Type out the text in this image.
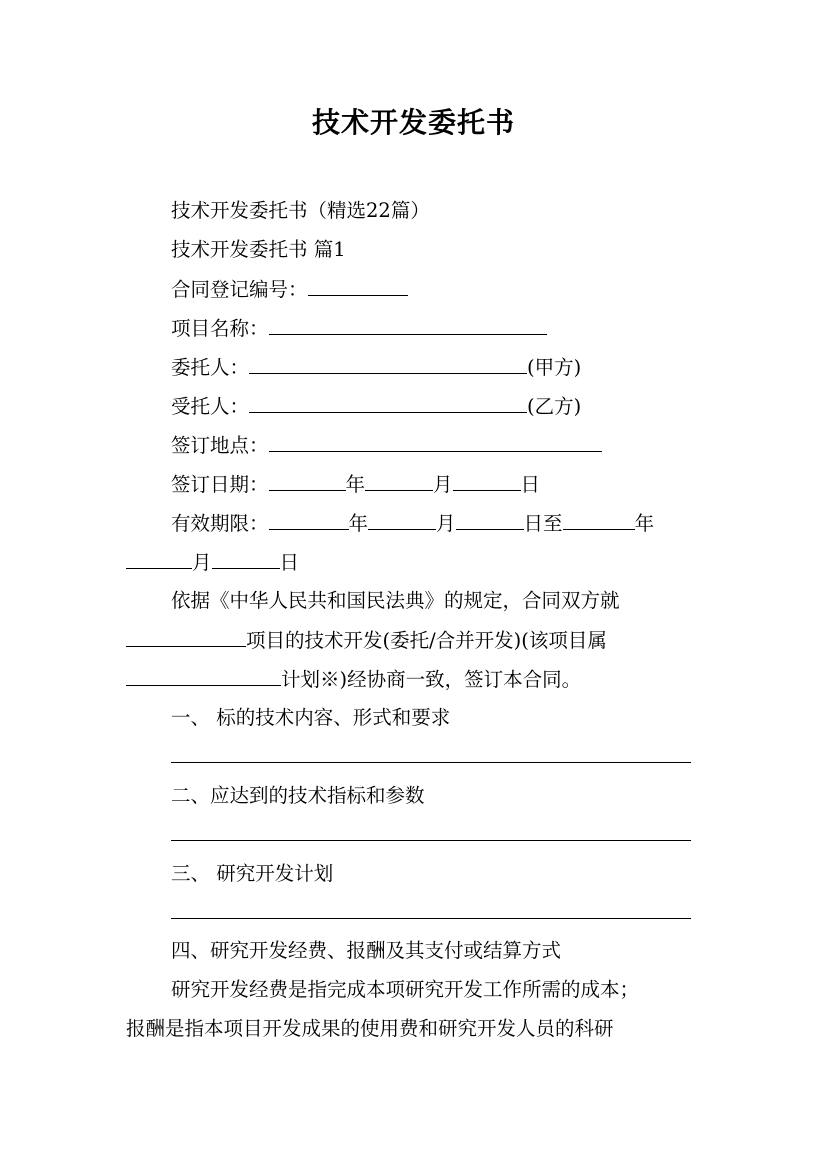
技术开发委托书
技术开发委托书（精选22篇）
技术开发委托书 篇1
合同登记编号：
项目名称：
委托人：	(甲方)
受托人：	(乙方)
签订地点：
签订日期：	年	月	日
有效期限：	年	月	日至	年
月	日
依据《中华人民共和国民法典》的规定，合同双方就
项目的技术开发(委托/合并开发)(该项目属
计划※)经协商一致，签订本合同。
一、 标的技术内容、形式和要求
二、应达到的技术指标和参数
三、 研究开发计划
四、研究开发经费、报酬及其支付或结算方式
研究开发经费是指完成本项研究开发工作所需的成本；
报酬是指本项目开发成果的使用费和研究开发人员的科研
